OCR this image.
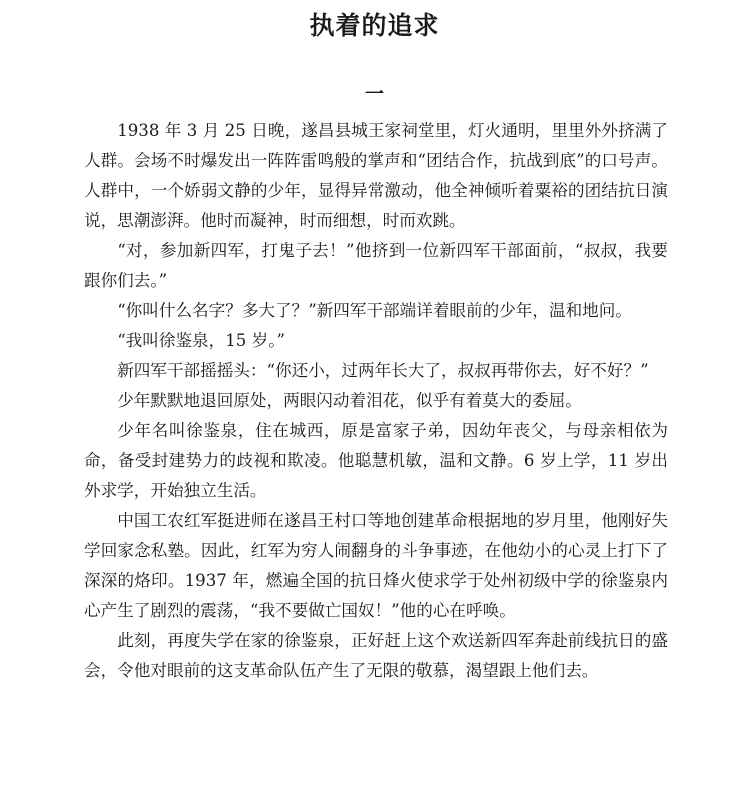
执着的追求
一

1938 年 3 月 25 日晚，遂昌县城王家祠堂里，灯火通明，里里外外挤满了人群。会场不时爆发出一阵阵雷鸣般的掌声和“团结合作，抗战到底”的口号声。人群中，一个娇弱文静的少年，显得异常激动，他全神倾听着粟裕的团结抗日演说，思潮澎湃。他时而凝神，时而细想，时而欢跳。

“对，参加新四军，打鬼子去！”他挤到一位新四军干部面前，“叔叔，我要跟你们去。”

“你叫什么名字？多大了？”新四军干部端详着眼前的少年，温和地问。

“我叫徐鉴泉，15 岁。”

新四军干部摇摇头：“你还小，过两年长大了，叔叔再带你去，好不好？”

少年默默地退回原处，两眼闪动着泪花，似乎有着莫大的委屈。

少年名叫徐鉴泉，住在城西，原是富家子弟，因幼年丧父，与母亲相依为命，备受封建势力的歧视和欺凌。他聪慧机敏，温和文静。6 岁上学，11 岁出外求学，开始独立生活。

中国工农红军挺进师在遂昌王村口等地创建革命根据地的岁月里，他刚好失学回家念私塾。因此，红军为穷人闹翻身的斗争事迹，在他幼小的心灵上打下了深深的烙印。1937 年，燃遍全国的抗日烽火使求学于处州初级中学的徐鉴泉内心产生了剧烈的震荡，“我不要做亡国奴！”他的心在呼唤。

此刻，再度失学在家的徐鉴泉，正好赶上这个欢送新四军奔赴前线抗日的盛会，令他对眼前的这支革命队伍产生了无限的敬慕，渴望跟上他们去。
